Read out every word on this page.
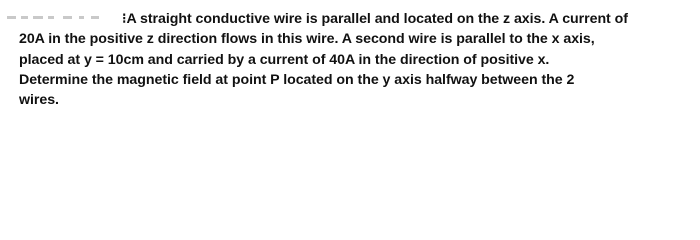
⁝A straight conductive wire is parallel and located on the z axis. A current of
20A in the positive z direction flows in this wire. A second wire is parallel to the x axis,
placed at y = 10cm and carried by a current of 40A in the direction of positive x.
Determine the magnetic field at point P located on the y axis halfway between the 2
wires.
